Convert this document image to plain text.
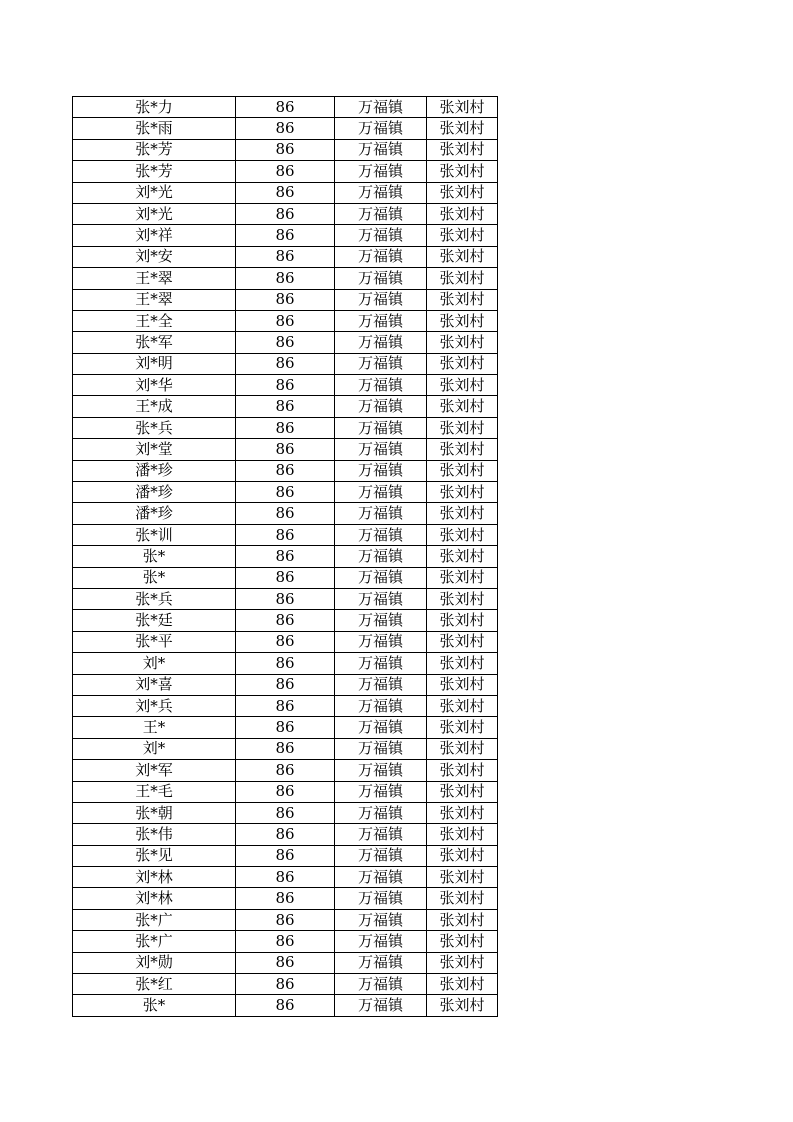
张*力	86	万福镇	张刘村
张*雨	86	万福镇	张刘村
张*芳	86	万福镇	张刘村
张*芳	86	万福镇	张刘村
刘*光	86	万福镇	张刘村
刘*光	86	万福镇	张刘村
刘*祥	86	万福镇	张刘村
刘*安	86	万福镇	张刘村
王*翠	86	万福镇	张刘村
王*翠	86	万福镇	张刘村
王*全	86	万福镇	张刘村
张*军	86	万福镇	张刘村
刘*明	86	万福镇	张刘村
刘*华	86	万福镇	张刘村
王*成	86	万福镇	张刘村
张*兵	86	万福镇	张刘村
刘*堂	86	万福镇	张刘村
潘*珍	86	万福镇	张刘村
潘*珍	86	万福镇	张刘村
潘*珍	86	万福镇	张刘村
张*训	86	万福镇	张刘村
张*	86	万福镇	张刘村
张*	86	万福镇	张刘村
张*兵	86	万福镇	张刘村
张*廷	86	万福镇	张刘村
张*平	86	万福镇	张刘村
刘*	86	万福镇	张刘村
刘*喜	86	万福镇	张刘村
刘*兵	86	万福镇	张刘村
王*	86	万福镇	张刘村
刘*	86	万福镇	张刘村
刘*军	86	万福镇	张刘村
王*毛	86	万福镇	张刘村
张*朝	86	万福镇	张刘村
张*伟	86	万福镇	张刘村
张*见	86	万福镇	张刘村
刘*林	86	万福镇	张刘村
刘*林	86	万福镇	张刘村
张*广	86	万福镇	张刘村
张*广	86	万福镇	张刘村
刘*勋	86	万福镇	张刘村
张*红	86	万福镇	张刘村
张*	86	万福镇	张刘村
